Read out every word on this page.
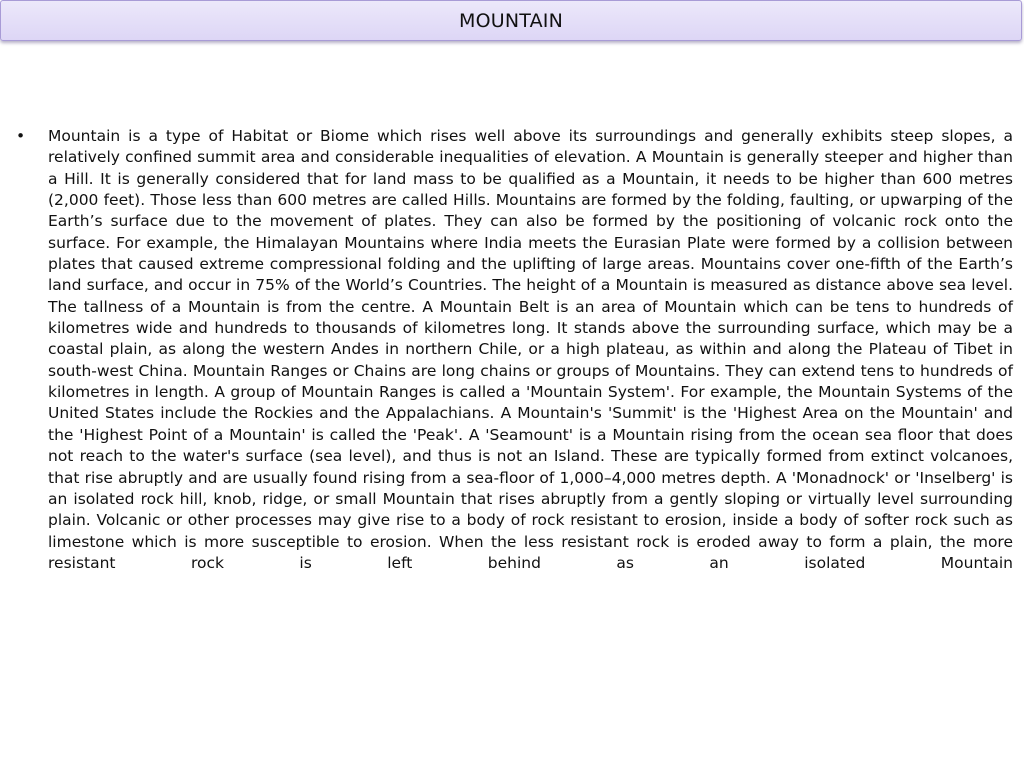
MOUNTAIN
•	Mountain is a type of Habitat or Biome which rises well above its surroundings and generally exhibits steep slopes, a relatively confined summit area and considerable inequalities of elevation. A Mountain is generally steeper and higher than a Hill. It is generally considered that for land mass to be qualified as a Mountain, it needs to be higher than 600 metres (2,000 feet). Those less than 600 metres are called Hills. Mountains are formed by the folding, faulting, or upwarping of the Earth’s surface due to the movement of plates. They can also be formed by the positioning of volcanic rock onto the surface. For example, the Himalayan Mountains where India meets the Eurasian Plate were formed by a collision between plates that caused extreme compressional folding and the uplifting of large areas. Mountains cover one-fifth of the Earth’s land surface, and occur in 75% of the World’s Countries. The height of a Mountain is measured as distance above sea level. The tallness of a Mountain is from the centre. A Mountain Belt is an area of Mountain which can be tens to hundreds of kilometres wide and hundreds to thousands of kilometres long. It stands above the surrounding surface, which may be a coastal plain, as along the western Andes in northern Chile, or a high plateau, as within and along the Plateau of Tibet in south-west China. Mountain Ranges or Chains are long chains or groups of Mountains. They can extend tens to hundreds of kilometres in length. A group of Mountain Ranges is called a 'Mountain System'. For example, the Mountain Systems of the United States include the Rockies and the Appalachians. A Mountain's 'Summit' is the 'Highest Area on the Mountain' and the 'Highest Point of a Mountain' is called the 'Peak'. A 'Seamount' is a Mountain rising from the ocean sea floor that does not reach to the water's surface (sea level), and thus is not an Island. These are typically formed from extinct volcanoes, that rise abruptly and are usually found rising from a sea-floor of 1,000–4,000 metres depth. A 'Monadnock' or 'Inselberg' is an isolated rock hill, knob, ridge, or small Mountain that rises abruptly from a gently sloping or virtually level surrounding plain. Volcanic or other processes may give rise to a body of rock resistant to erosion, inside a body of softer rock such as limestone which is more susceptible to erosion. When the less resistant rock is eroded away to form a plain, the more resistant rock is left behind as an isolated Mountain
